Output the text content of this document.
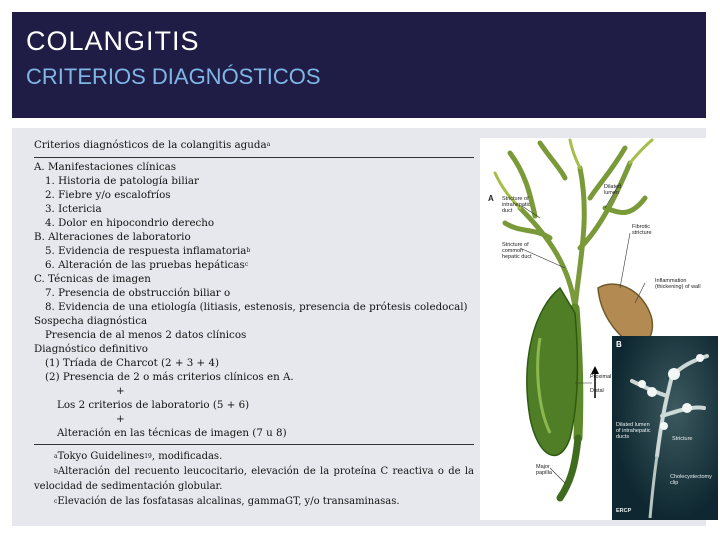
COLANGITIS
CRITERIOS DIAGNÓSTICOS
Criterios diagnósticos de la colangitis aguda$^a$
A. Manifestaciones clínicas
1. Historia de patología biliar
2. Fiebre y/o escalofríos
3. Ictericia
4. Dolor en hipocondrio derecho
B. Alteraciones de laboratorio
5. Evidencia de respuesta inflamatoria$^b$
6. Alteración de las pruebas hepáticas$^c$
C. Técnicas de imagen
7. Presencia de obstrucción biliar o
8. Evidencia de una etiología (litiasis, estenosis, presencia de prótesis coledocal)
Sospecha diagnóstica
Presencia de al menos 2 datos clínicos
Diagnóstico definitivo
(1) Tríada de Charcot (2 + 3 + 4)
(2) Presencia de 2 o más criterios clínicos en A.
+
Los 2 criterios de laboratorio (5 + 6)
+
Alteración en las técnicas de imagen (7 u 8)
$^a$Tokyo Guidelines$^{19}$, modificadas.
$^b$Alteración del recuento leucocitario, elevación de la proteína C reactiva o de la velocidad de sedimentación globular.
$^c$Elevación de las fosfatasas alcalinas, gammaGT, y/o transaminasas.
A Stricture of intrahepatic duct
Dilated lumen
Fibrotic stricture
Stricture of common hepatic duct
Inflammation (thickening) of wall
Proximal
Distal
Major papilla
B
Dilated lumen of intrahepatic ducts	Stricture
Cholecystectomy clip
ERCP
